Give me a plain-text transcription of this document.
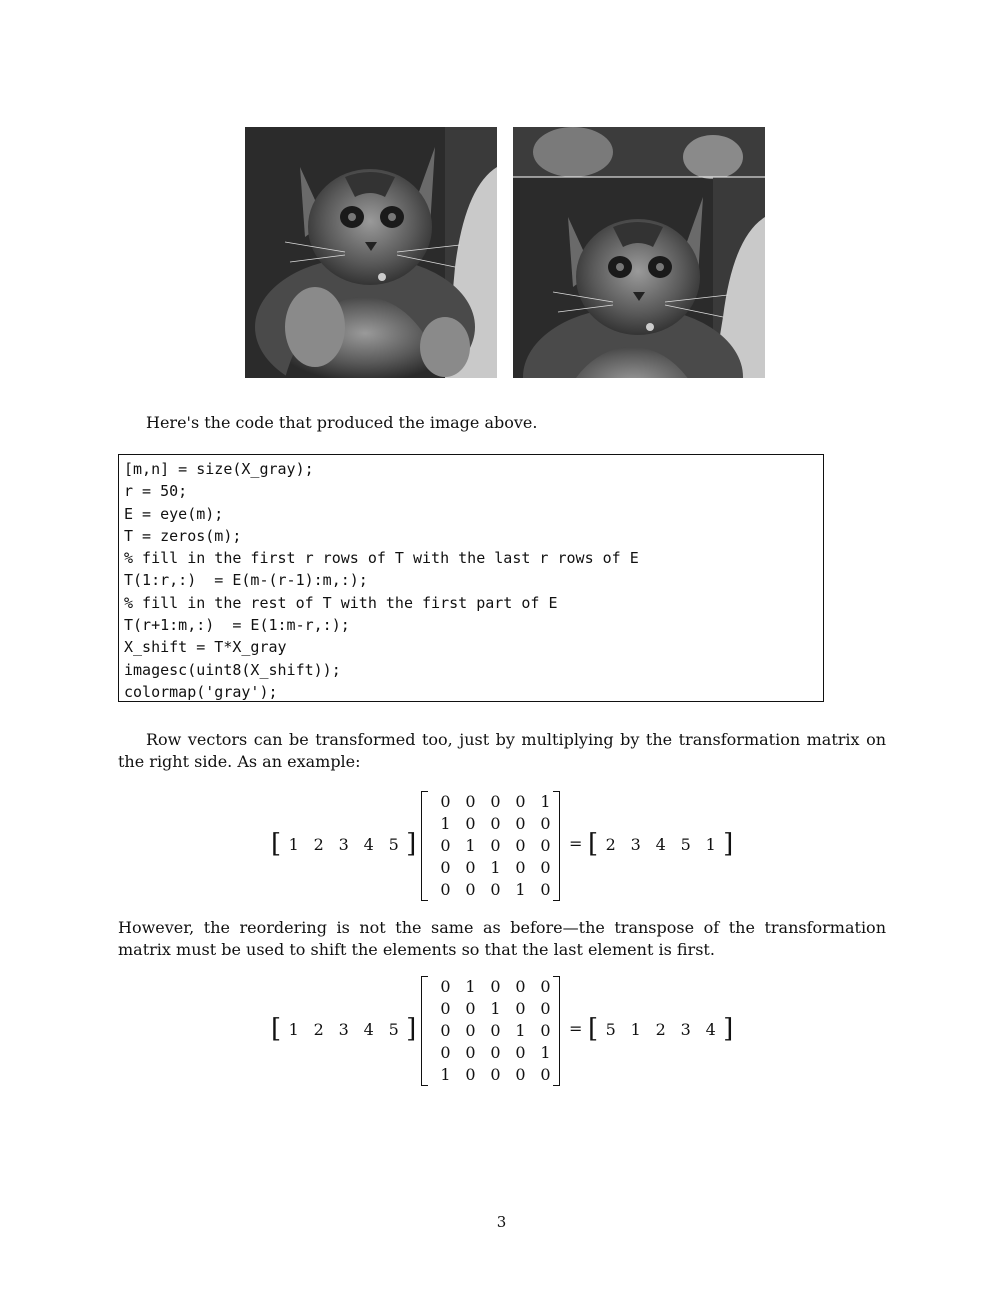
Here's the code that produced the image above.
[m,n] = size(X_gray);
r = 50;
E = eye(m);
T = zeros(m);
% fill in the first r rows of T with the last r rows of E
T(1:r,:)  = E(m-(r-1):m,:);
% fill in the rest of T with the first part of E
T(r+1:m,:)  = E(1:m-r,:);
X_shift = T*X_gray
imagesc(uint8(X_shift));
colormap('gray');
Row vectors can be transformed too, just by multiplying by the transformation matrix on the right side. As an example:
[ 1 2 3 4 5 ]
0 0 0 0 1
1 0 0 0 0
0 1 0 0 0
0 0 1 0 0
0 0 0 1 0
= [ 2 3 4 5 1 ]
However, the reordering is not the same as before—the transpose of the transformation matrix must be used to shift the elements so that the last element is first.
[ 1 2 3 4 5 ]
0 1 0 0 0
0 0 1 0 0
0 0 0 1 0
0 0 0 0 1
1 0 0 0 0
= [ 5 1 2 3 4 ]
3
